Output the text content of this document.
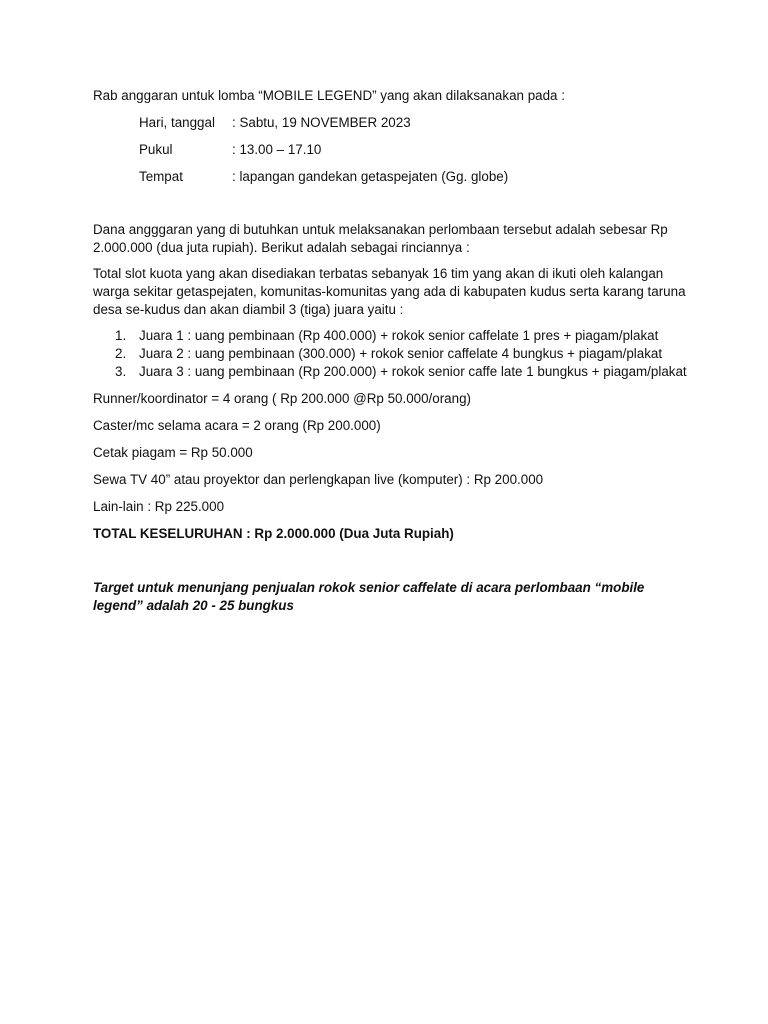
Rab anggaran untuk lomba “MOBILE LEGEND” yang akan dilaksanakan pada :

Hari, tanggal	: Sabtu, 19 NOVEMBER 2023
Pukul	: 13.00 – 17.10
Tempat	: lapangan gandekan getaspejaten (Gg. globe)

Dana angggaran yang di butuhkan untuk melaksanakan perlombaan tersebut adalah sebesar Rp 2.000.000 (dua juta rupiah). Berikut adalah sebagai rinciannya :

Total slot kuota yang akan disediakan terbatas sebanyak 16 tim yang akan di ikuti oleh kalangan warga sekitar getaspejaten, komunitas-komunitas yang ada di kabupaten kudus serta karang taruna desa se-kudus dan akan diambil 3 (tiga) juara yaitu :

1. Juara 1 : uang pembinaan (Rp 400.000) + rokok senior caffelate 1 pres + piagam/plakat
2. Juara 2 : uang pembinaan (300.000) + rokok senior caffelate 4 bungkus + piagam/plakat
3. Juara 3 : uang pembinaan (Rp 200.000) + rokok senior caffe late 1 bungkus + piagam/plakat

Runner/koordinator = 4 orang ( Rp 200.000 @Rp 50.000/orang)

Caster/mc selama acara = 2 orang (Rp 200.000)

Cetak piagam = Rp 50.000

Sewa TV 40” atau proyektor dan perlengkapan live (komputer) : Rp 200.000

Lain-lain : Rp 225.000

TOTAL KESELURUHAN : Rp 2.000.000 (Dua Juta Rupiah)

Target untuk menunjang penjualan rokok senior caffelate di acara perlombaan “mobile legend” adalah 20 - 25 bungkus
